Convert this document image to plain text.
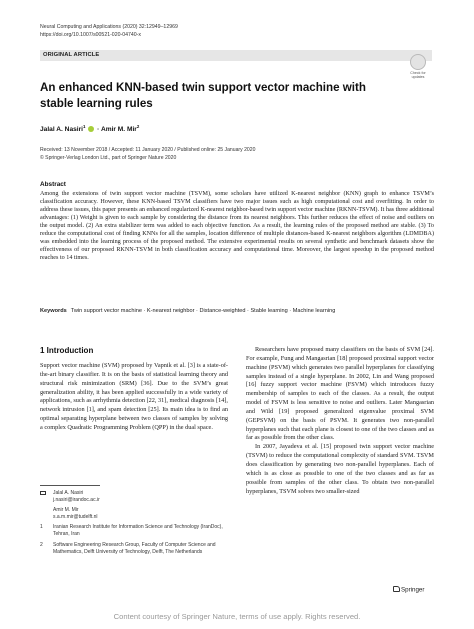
Neural Computing and Applications (2020) 32:12949–12969
https://doi.org/10.1007/s00521-020-04740-x
ORIGINAL ARTICLE
Check for updates
An enhanced KNN-based twin support vector machine with stable learning rules
Jalal A. Nasiri$^1$  · Amir M. Mir$^2$
Received: 13 November 2018 / Accepted: 11 January 2020 / Published online: 25 January 2020
© Springer-Verlag London Ltd., part of Springer Nature 2020
Abstract

Among the extensions of twin support vector machine (TSVM), some scholars have utilized K-nearest neighbor (KNN) graph to enhance TSVM’s classification accuracy. However, these KNN-based TSVM classifiers have two major issues such as high computational cost and overfitting. In order to address these issues, this paper presents an enhanced regularized K-nearest neighbor-based twin support vector machine (RKNN-TSVM). It has three additional advantages: (1) Weight is given to each sample by considering the distance from its nearest neighbors. This further reduces the effect of noise and outliers on the output model. (2) An extra stabilizer term was added to each objective function. As a result, the learning rules of the proposed method are stable. (3) To reduce the computational cost of finding KNNs for all the samples, location difference of multiple distances-based K-nearest neighbors algorithm (LDMDBA) was embedded into the learning process of the proposed method. The extensive experimental results on several synthetic and benchmark datasets show the effectiveness of our proposed RKNN-TSVM in both classification accuracy and computational time. Moreover, the largest speedup in the proposed method reaches to 14 times.

Keywords Twin support vector machine · K-nearest neighbor · Distance-weighted · Stable learning · Machine learning
1 Introduction

Support vector machine (SVM) proposed by Vapnik et al. [3] is a state-of-the-art binary classifier. It is on the basis of statistical learning theory and structural risk minimization (SRM) [36]. Due to the SVM’s great generalization ability, it has been applied successfully in a wide variety of applications, such as arrhythmia detection [22, 31], medical diagnosis [14], network intrusion [1], and spam detection [25]. Its main idea is to find an optimal separating hyperplane between two classes of samples by solving a complex Quadratic Programming Problem (QPP) in the dual space.

Researchers have proposed many classifiers on the basis of SVM [24]. For example, Fung and Mangasrian [18] proposed proximal support vector machine (PSVM) which generates two parallel hyperplanes for classifying samples instead of a single hyperplane. In 2002, Lin and Wang proposed [16] fuzzy support vector machine (FSVM) which introduces fuzzy membership of samples to each of the classes. As a result, the output model of FSVM is less sensitive to noise and outliers. Later Mangasrian and Wild [19] proposed generalized eigenvalue proximal SVM (GEPSVM) on the basis of PSVM. It generates two non-parallel hyperplanes such that each plane is closest to one of the two classes and as far as possible from the other class.

In 2007, Jayadeva et al. [15] proposed twin support vector machine (TSVM) to reduce the computational complexity of standard SVM. TSVM does classification by generating two non-parallel hyperplanes. Each of which is as close as possible to one of the two classes and as far as possible from samples of the other class. To obtain two non-parallel hyperplanes, TSVM solves two smaller-sized

Jalal A. Nasiri
j.nasiri@irandoc.ac.ir
Amir M. Mir
s.a.m.mir@tudelft.nl
1	Iranian Research Institute for Information Science and Technology (IranDoc), Tehran, Iran
2	Software Engineering Research Group, Faculty of Computer Science and Mathematics, Delft University of Technology, Delft, The Netherlands
Springer
Content courtesy of Springer Nature, terms of use apply. Rights reserved.
